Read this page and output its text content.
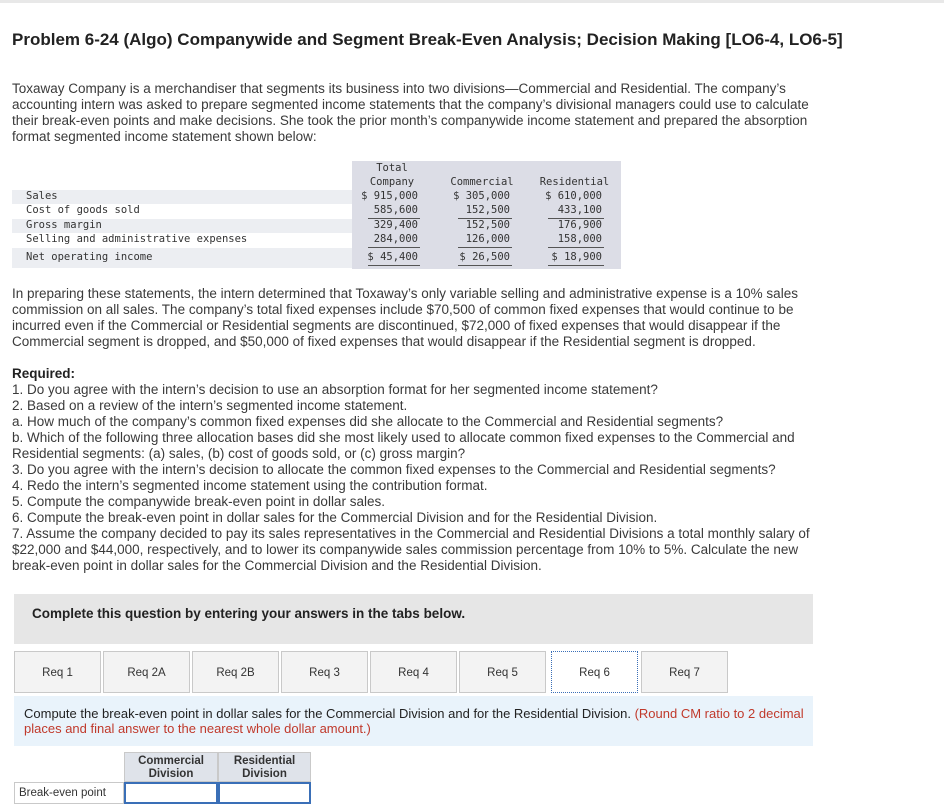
Problem 6-24 (Algo) Companywide and Segment Break-Even Analysis; Decision Making [LO6-4, LO6-5]
Toxaway Company is a merchandiser that segments its business into two divisions—Commercial and Residential. The company’s
accounting intern was asked to prepare segmented income statements that the company’s divisional managers could use to calculate
their break-even points and make decisions. She took the prior month’s companywide income statement and prepared the absorption
format segmented income statement shown below:
Total
Company	Commercial	Residential
Sales	$ 915,000	$ 305,000	$ 610,000
Cost of goods sold	585,600	152,500	433,100
Gross margin	329,400	152,500	176,900
Selling and administrative expenses	284,000	126,000	158,000
Net operating income	$ 45,400	$ 26,500	$ 18,900
In preparing these statements, the intern determined that Toxaway’s only variable selling and administrative expense is a 10% sales
commission on all sales. The company’s total fixed expenses include $70,500 of common fixed expenses that would continue to be
incurred even if the Commercial or Residential segments are discontinued, $72,000 of fixed expenses that would disappear if the
Commercial segment is dropped, and $50,000 of fixed expenses that would disappear if the Residential segment is dropped.
Required:
1. Do you agree with the intern’s decision to use an absorption format for her segmented income statement?
2. Based on a review of the intern’s segmented income statement.
a. How much of the company’s common fixed expenses did she allocate to the Commercial and Residential segments?
b. Which of the following three allocation bases did she most likely used to allocate common fixed expenses to the Commercial and
Residential segments: (a) sales, (b) cost of goods sold, or (c) gross margin?
3. Do you agree with the intern’s decision to allocate the common fixed expenses to the Commercial and Residential segments?
4. Redo the intern’s segmented income statement using the contribution format.
5. Compute the companywide break-even point in dollar sales.
6. Compute the break-even point in dollar sales for the Commercial Division and for the Residential Division.
7. Assume the company decided to pay its sales representatives in the Commercial and Residential Divisions a total monthly salary of
$22,000 and $44,000, respectively, and to lower its companywide sales commission percentage from 10% to 5%. Calculate the new
break-even point in dollar sales for the Commercial Division and the Residential Division.
Complete this question by entering your answers in the tabs below.
Req 1	Req 2A	Req 2B	Req 3	Req 4	Req 5	Req 6	Req 7
Compute the break-even point in dollar sales for the Commercial Division and for the Residential Division. (Round CM ratio to 2 decimal places and final answer to the nearest whole dollar amount.)
Commercial
Division
Residential
Division
Break-even point
